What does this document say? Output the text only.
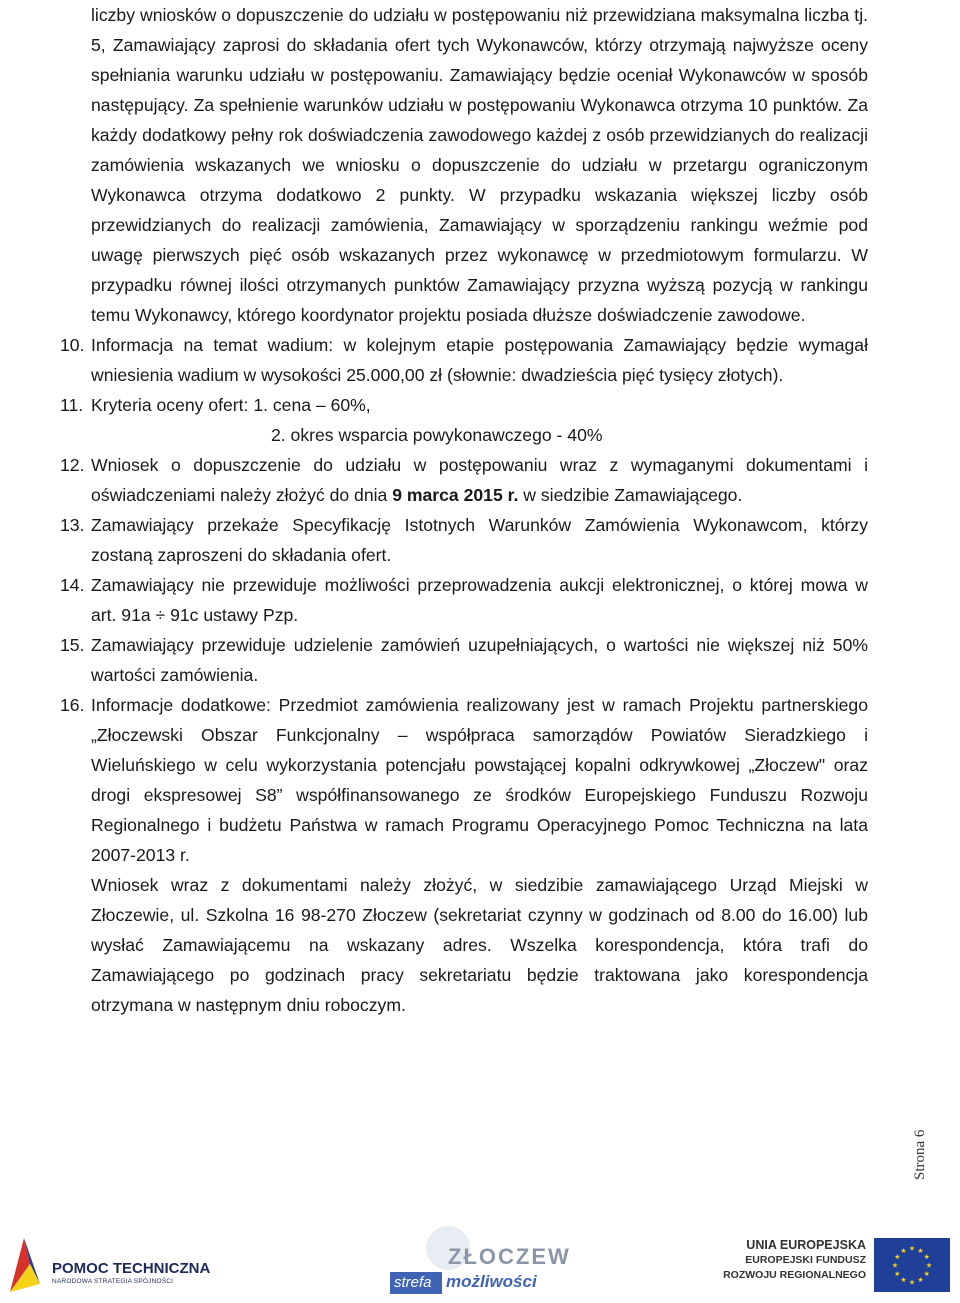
liczby wniosków o dopuszczenie do udziału w postępowaniu niż przewidziana maksymalna liczba tj. 5, Zamawiający zaprosi do składania ofert tych Wykonawców, którzy otrzymają najwyższe oceny spełniania warunku udziału w postępowaniu. Zamawiający będzie oceniał Wykonawców w sposób następujący. Za spełnienie warunków udziału w postępowaniu Wykonawca otrzyma 10 punktów. Za każdy dodatkowy pełny rok doświadczenia zawodowego każdej z osób przewidzianych do realizacji zamówienia wskazanych we wniosku o dopuszczenie do udziału w przetargu ograniczonym Wykonawca otrzyma dodatkowo 2 punkty. W przypadku wskazania większej liczby osób przewidzianych do realizacji zamówienia, Zamawiający w sporządzeniu rankingu weźmie pod uwagę pierwszych pięć osób wskazanych przez wykonawcę w przedmiotowym formularzu. W przypadku równej ilości otrzymanych punktów Zamawiający przyzna wyższą pozycją w rankingu temu Wykonawcy, którego koordynator projektu posiada dłuższe doświadczenie zawodowe.
10. Informacja na temat wadium: w kolejnym etapie postępowania Zamawiający będzie wymagał wniesienia wadium w wysokości 25.000,00 zł (słownie: dwadzieścia pięć tysięcy złotych).
11. Kryteria oceny ofert: 1. cena – 60%,
2. okres wsparcia powykonawczego - 40%
12. Wniosek o dopuszczenie do udziału w postępowaniu wraz z wymaganymi dokumentami i oświadczeniami należy złożyć do dnia 9 marca 2015 r. w siedzibie Zamawiającego.
13. Zamawiający przekaże Specyfikację Istotnych Warunków Zamówienia Wykonawcom, którzy zostaną zaproszeni do składania ofert.
14. Zamawiający nie przewiduje możliwości przeprowadzenia aukcji elektronicznej, o której mowa w art. 91a ÷ 91c ustawy Pzp.
15. Zamawiający przewiduje udzielenie zamówień uzupełniających, o wartości nie większej niż 50% wartości zamówienia.
16. Informacje dodatkowe: Przedmiot zamówienia realizowany jest w ramach Projektu partnerskiego „Złoczewski Obszar Funkcjonalny – współpraca samorządów Powiatów Sieradzkiego i Wieluńskiego w celu wykorzystania potencjału powstającej kopalni odkrywkowej „Złoczew" oraz drogi ekspresowej S8” współfinansowanego ze środków Europejskiego Funduszu Rozwoju Regionalnego i budżetu Państwa w ramach Programu Operacyjnego Pomoc Techniczna na lata 2007-2013 r.
Wniosek wraz z dokumentami należy złożyć, w siedzibie zamawiającego Urząd Miejski w Złoczewie, ul. Szkolna 16 98-270 Złoczew (sekretariat czynny w godzinach od 8.00 do 16.00) lub wysłać Zamawiającemu na wskazany adres. Wszelka korespondencja, która trafi do Zamawiającego po godzinach pracy sekretariatu będzie traktowana jako korespondencja otrzymana w następnym dniu roboczym.
Strona 6
POMOC TECHNICZNA
NARODOWA STRATEGIA SPÓJNOŚCI
ZŁOCZEW
strefa możliwości
UNIA EUROPEJSKA
EUROPEJSKI FUNDUSZ
ROZWOJU REGIONALNEGO
★
★
★
★
★
★
★
★
★ ★ ★
★
